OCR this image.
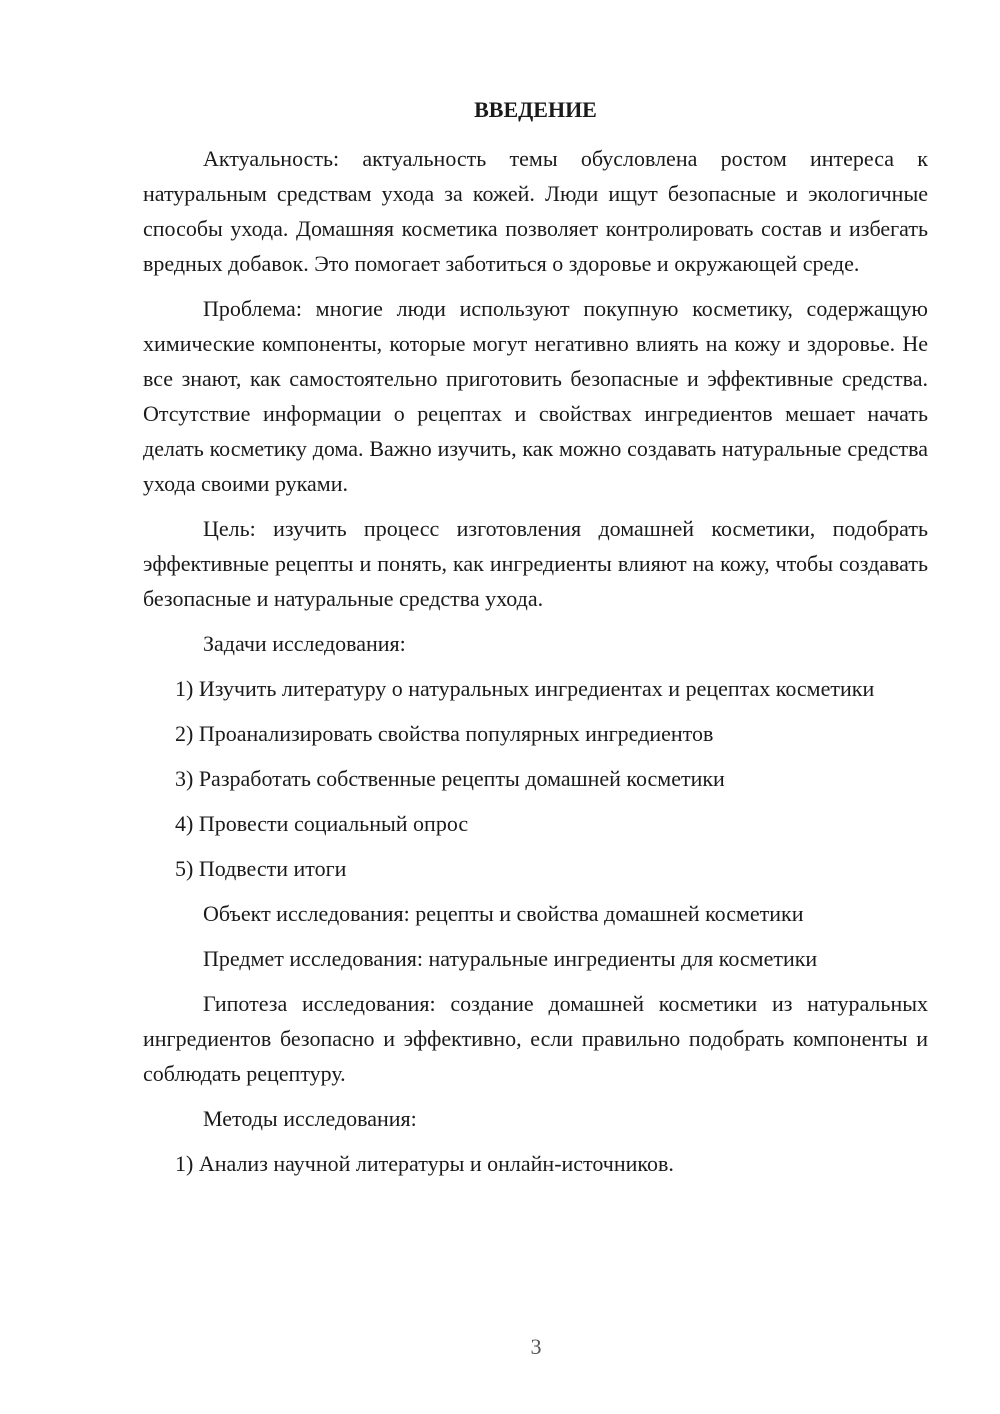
ВВЕДЕНИЕ

Актуальность: актуальность темы обусловлена ростом интереса к натуральным средствам ухода за кожей. Люди ищут безопасные и экологичные способы ухода. Домашняя косметика позволяет контролировать состав и избегать вредных добавок. Это помогает заботиться о здоровье и окружающей среде.

Проблема: многие люди используют покупную косметику, содержащую химические компоненты, которые могут негативно влиять на кожу и здоровье. Не все знают, как самостоятельно приготовить безопасные и эффективные средства. Отсутствие информации о рецептах и свойствах ингредиентов мешает начать делать косметику дома. Важно изучить, как можно создавать натуральные средства ухода своими руками.

Цель: изучить процесс изготовления домашней косметики, подобрать эффективные рецепты и понять, как ингредиенты влияют на кожу, чтобы создавать безопасные и натуральные средства ухода.

Задачи исследования:

1) Изучить литературу о натуральных ингредиентах и рецептах косметики

2) Проанализировать свойства популярных ингредиентов

3) Разработать собственные рецепты домашней косметики

4) Провести социальный опрос

5) Подвести итоги

Объект исследования: рецепты и свойства домашней косметики

Предмет исследования: натуральные ингредиенты для косметики

Гипотеза исследования: создание домашней косметики из натуральных ингредиентов безопасно и эффективно, если правильно подобрать компоненты и соблюдать рецептуру.

Методы исследования:

1) Анализ научной литературы и онлайн-источников.

3
